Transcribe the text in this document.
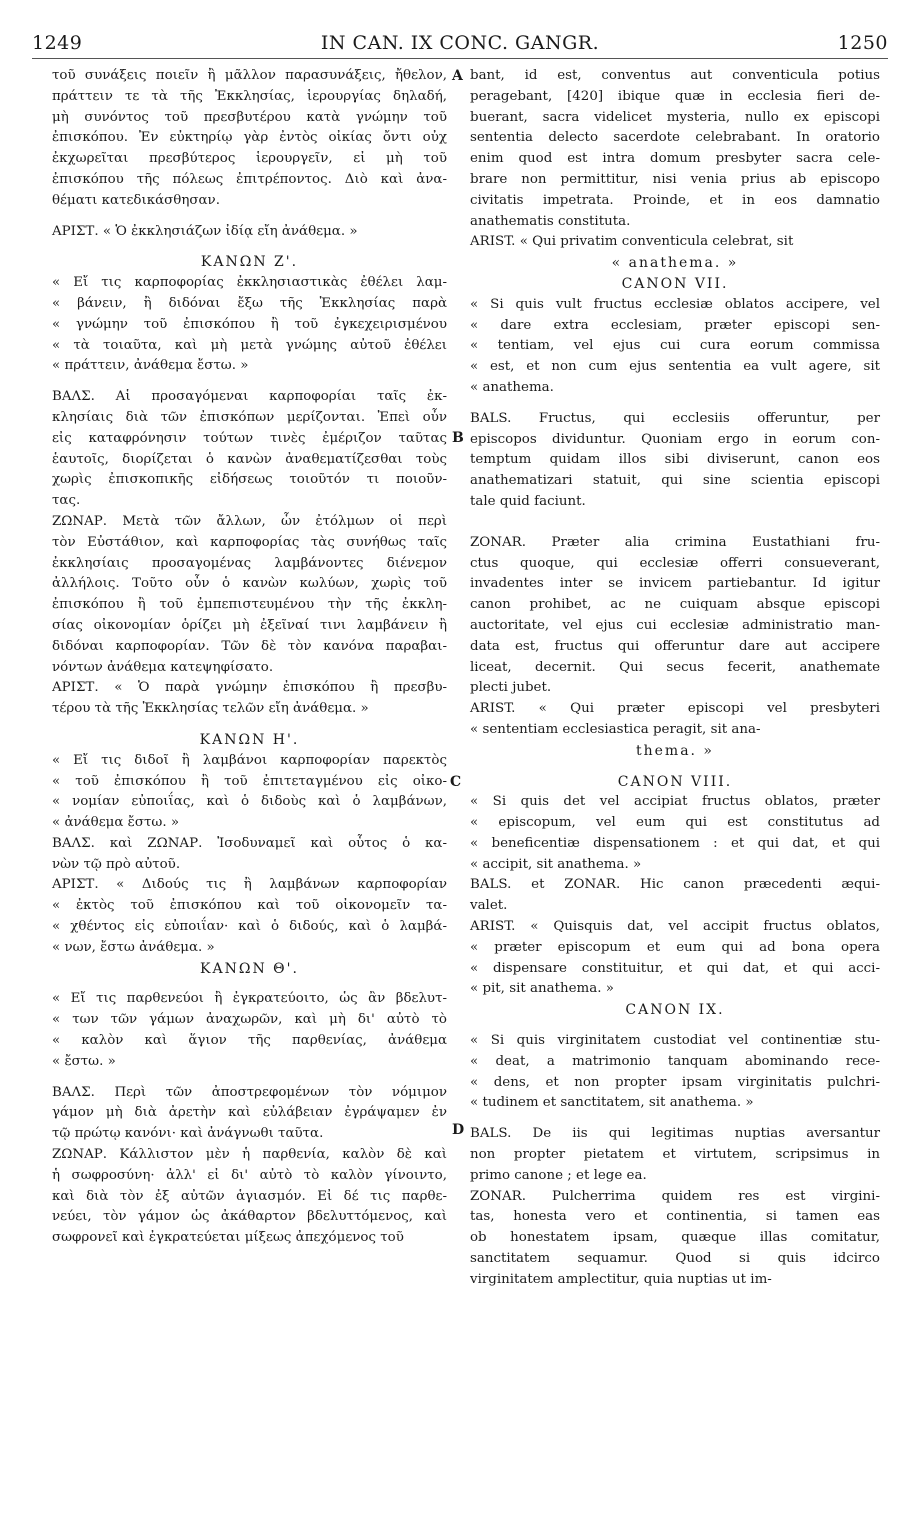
1249	IN CAN. IX CONC. GANGR.	1250
τοῦ συνάξεις ποιεῖν ἢ μᾶλλον παρασυνάξεις, ἤθελον,
πράττειν τε τὰ τῆς Ἐκκλησίας, ἱερουργίας δηλαδή,
μὴ συνόντος τοῦ πρεσβυτέρου κατὰ γνώμην τοῦ
ἐπισκόπου. Ἐν εὐκτηρίῳ γὰρ ἐντὸς οἰκίας ὄντι οὐχ
ἐκχωρεῖται πρεσβύτερος ἱερουργεῖν, εἰ μὴ τοῦ
ἐπισκόπου τῆς πόλεως ἐπιτρέποντος. Διὸ καὶ ἀνα-
θέματι κατεδικάσθησαν.
ΑΡΙΣΤ. « Ὁ ἐκκλησιάζων ἰδίᾳ εἴη ἀνάθεμα. »
ΚΑΝΩΝ Ζ'.
« Εἴ τις καρποφορίας ἐκκλησιαστικὰς ἐθέλει λαμ-
« βάνειν, ἢ διδόναι ἔξω τῆς Ἐκκλησίας παρὰ
« γνώμην τοῦ ἐπισκόπου ἢ τοῦ ἐγκεχειρισμένου
« τὰ τοιαῦτα, καὶ μὴ μετὰ γνώμης αὐτοῦ ἐθέλει
« πράττειν, ἀνάθεμα ἔστω. »
ΒΑΛΣ. Αἱ προσαγόμεναι καρποφορίαι ταῖς ἐκ-
κλησίαις διὰ τῶν ἐπισκόπων μερίζονται. Ἐπεὶ οὖν
εἰς καταφρόνησιν τούτων τινὲς ἐμέριζον ταῦτας
ἑαυτοῖς, διορίζεται ὁ κανὼν ἀναθεματίζεσθαι τοὺς
χωρὶς ἐπισκοπικῆς εἰδήσεως τοιοῦτόν τι ποιοῦν-
τας.
ΖΩΝΑΡ. Μετὰ τῶν ἄλλων, ὧν ἐτόλμων οἱ περὶ
τὸν Εὐστάθιον, καὶ καρποφορίας τὰς συνήθως ταῖς
ἐκκλησίαις προσαγομένας λαμβάνοντες διένεμον
ἀλλήλοις. Τοῦτο οὖν ὁ κανὼν κωλύων, χωρὶς τοῦ
ἐπισκόπου ἢ τοῦ ἐμπεπιστευμένου τὴν τῆς ἐκκλη-
σίας οἰκονομίαν ὁρίζει μὴ ἐξεῖναί τινι λαμβάνειν ἢ
διδόναι καρποφορίαν. Τῶν δὲ τὸν κανόνα παραβαι-
νόντων ἀνάθεμα κατεψηφίσατο.
ΑΡΙΣΤ. « Ὁ παρὰ γνώμην ἐπισκόπου ἢ πρεσβυ-
τέρου τὰ τῆς Ἐκκλησίας τελῶν εἴη ἀνάθεμα. »
ΚΑΝΩΝ Η'.
« Εἴ τις διδοῖ ἢ λαμβάνοι καρποφορίαν παρεκτὸς
« τοῦ ἐπισκόπου ἢ τοῦ ἐπιτεταγμένου εἰς οἰκο-
« νομίαν εὐποιΐας, καὶ ὁ διδοὺς καὶ ὁ λαμβάνων,
« ἀνάθεμα ἔστω. »
ΒΑΛΣ. καὶ ΖΩΝΑΡ. Ἰσοδυναμεῖ καὶ οὗτος ὁ κα-
νὼν τῷ πρὸ αὐτοῦ.
ΑΡΙΣΤ. « Διδούς τις ἢ λαμβάνων καρποφορίαν
« ἐκτὸς τοῦ ἐπισκόπου καὶ τοῦ οἰκονομεῖν τα-
« χθέντος εἰς εὐποιΐαν· καὶ ὁ διδούς, καὶ ὁ λαμβά-
« νων, ἔστω ἀνάθεμα. »
ΚΑΝΩΝ Θ'.
« Εἴ τις παρθενεύοι ἢ ἐγκρατεύοιτο, ὡς ἂν βδελυτ-
« των τῶν γάμων ἀναχωρῶν, καὶ μὴ δι' αὐτὸ τὸ
« καλὸν καὶ ἅγιον τῆς παρθενίας, ἀνάθεμα
« ἔστω. »
ΒΑΛΣ. Περὶ τῶν ἀποστρεφομένων τὸν νόμιμον
γάμον μὴ διὰ ἀρετὴν καὶ εὐλάβειαν ἐγράψαμεν ἐν
τῷ πρώτῳ κανόνι· καὶ ἀνάγνωθι ταῦτα.
ΖΩΝΑΡ. Κάλλιστον μὲν ἡ παρθενία, καλὸν δὲ καὶ
ἡ σωφροσύνη· ἀλλ' εἰ δι' αὐτὸ τὸ καλὸν γίνοιντο,
καὶ διὰ τὸν ἐξ αὐτῶν ἁγιασμόν. Εἰ δέ τις παρθε-
νεύει, τὸν γάμον ὡς ἀκάθαρτον βδελυττόμενος, καὶ
σωφρονεῖ καὶ ἐγκρατεύεται μίξεως ἀπεχόμενος τοῦ
bant, id est, conventus aut conventicula potius
peragebant, [420] ibique quæ in ecclesia fieri de-
buerant, sacra videlicet mysteria, nullo ex episcopi
sententia delecto sacerdote celebrabant. In oratorio
enim quod est intra domum presbyter sacra cele-
brare non permittitur, nisi venia prius ab episcopo
civitatis impetrata. Proinde, et in eos damnatio
anathematis constituta.
ARIST. « Qui privatim conventicula celebrat, sit
« anathema. »
CANON VII.
« Si quis vult fructus ecclesiæ oblatos accipere, vel
« dare extra ecclesiam, præter episcopi sen-
« tentiam, vel ejus cui cura eorum commissa
« est, et non cum ejus sententia ea vult agere, sit
« anathema.
BALS. Fructus, qui ecclesiis offeruntur, per
episcopos dividuntur. Quoniam ergo in eorum con-
temptum quidam illos sibi diviserunt, canon eos
anathematizari statuit, qui sine scientia episcopi
tale quid faciunt.
ZONAR. Præter alia crimina Eustathiani fru-
ctus quoque, qui ecclesiæ offerri consueverant,
invadentes inter se invicem partiebantur. Id igitur
canon prohibet, ac ne cuiquam absque episcopi
auctoritate, vel ejus cui ecclesiæ administratio man-
data est, fructus qui offeruntur dare aut accipere
liceat, decernit. Qui secus fecerit, anathemate
plecti jubet.
ARIST. « Qui præter episcopi vel presbyteri
« sententiam ecclesiastica peragit, sit ana-
thema. »
CANON VIII.
« Si quis det vel accipiat fructus oblatos, præter
« episcopum, vel eum qui est constitutus ad
« beneficentiæ dispensationem : et qui dat, et qui
« accipit, sit anathema. »
BALS. et ZONAR. Hic canon præcedenti æqui-
valet.
ARIST. « Quisquis dat, vel accipit fructus oblatos,
« præter episcopum et eum qui ad bona opera
« dispensare constituitur, et qui dat, et qui acci-
« pit, sit anathema. »
CANON IX.
« Si quis virginitatem custodiat vel continentiæ stu-
« deat, a matrimonio tanquam abominando rece-
« dens, et non propter ipsam virginitatis pulchri-
« tudinem et sanctitatem, sit anathema. »
BALS. De iis qui legitimas nuptias aversantur
non propter pietatem et virtutem, scripsimus in
primo canone ; et lege ea.
ZONAR. Pulcherrima quidem res est virgini-
tas, honesta vero et continentia, si tamen eas
ob honestatem ipsam, quæque illas comitatur,
sanctitatem sequamur. Quod si quis idcirco
virginitatem amplectitur, quia nuptias ut im-
A
B
C
D
